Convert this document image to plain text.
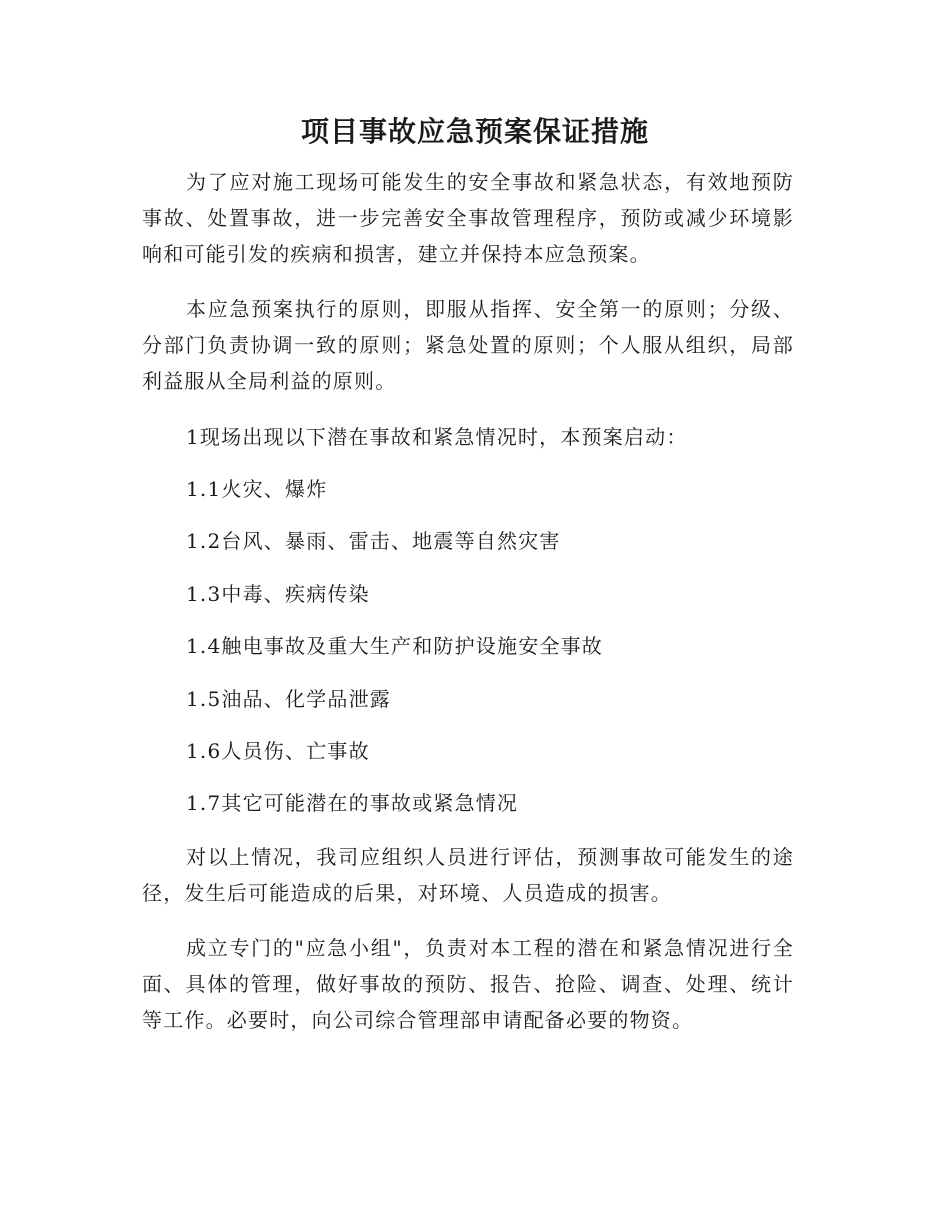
项目事故应急预案保证措施

为了应对施工现场可能发生的安全事故和紧急状态，有效地预防事故、处置事故，进一步完善安全事故管理程序，预防或减少环境影响和可能引发的疾病和损害，建立并保持本应急预案。

本应急预案执行的原则，即服从指挥、安全第一的原则；分级、分部门负责协调一致的原则；紧急处置的原则；个人服从组织，局部利益服从全局利益的原则。

1现场出现以下潜在事故和紧急情况时，本预案启动：

1.1火灾、爆炸

1.2台风、暴雨、雷击、地震等自然灾害

1.3中毒、疾病传染

1.4触电事故及重大生产和防护设施安全事故

1.5油品、化学品泄露

1.6人员伤、亡事故

1.7其它可能潜在的事故或紧急情况

对以上情况，我司应组织人员进行评估，预测事故可能发生的途径，发生后可能造成的后果，对环境、人员造成的损害。

成立专门的"应急小组"，负责对本工程的潜在和紧急情况进行全面、具体的管理，做好事故的预防、报告、抢险、调查、处理、统计等工作。必要时，向公司综合管理部申请配备必要的物资。
